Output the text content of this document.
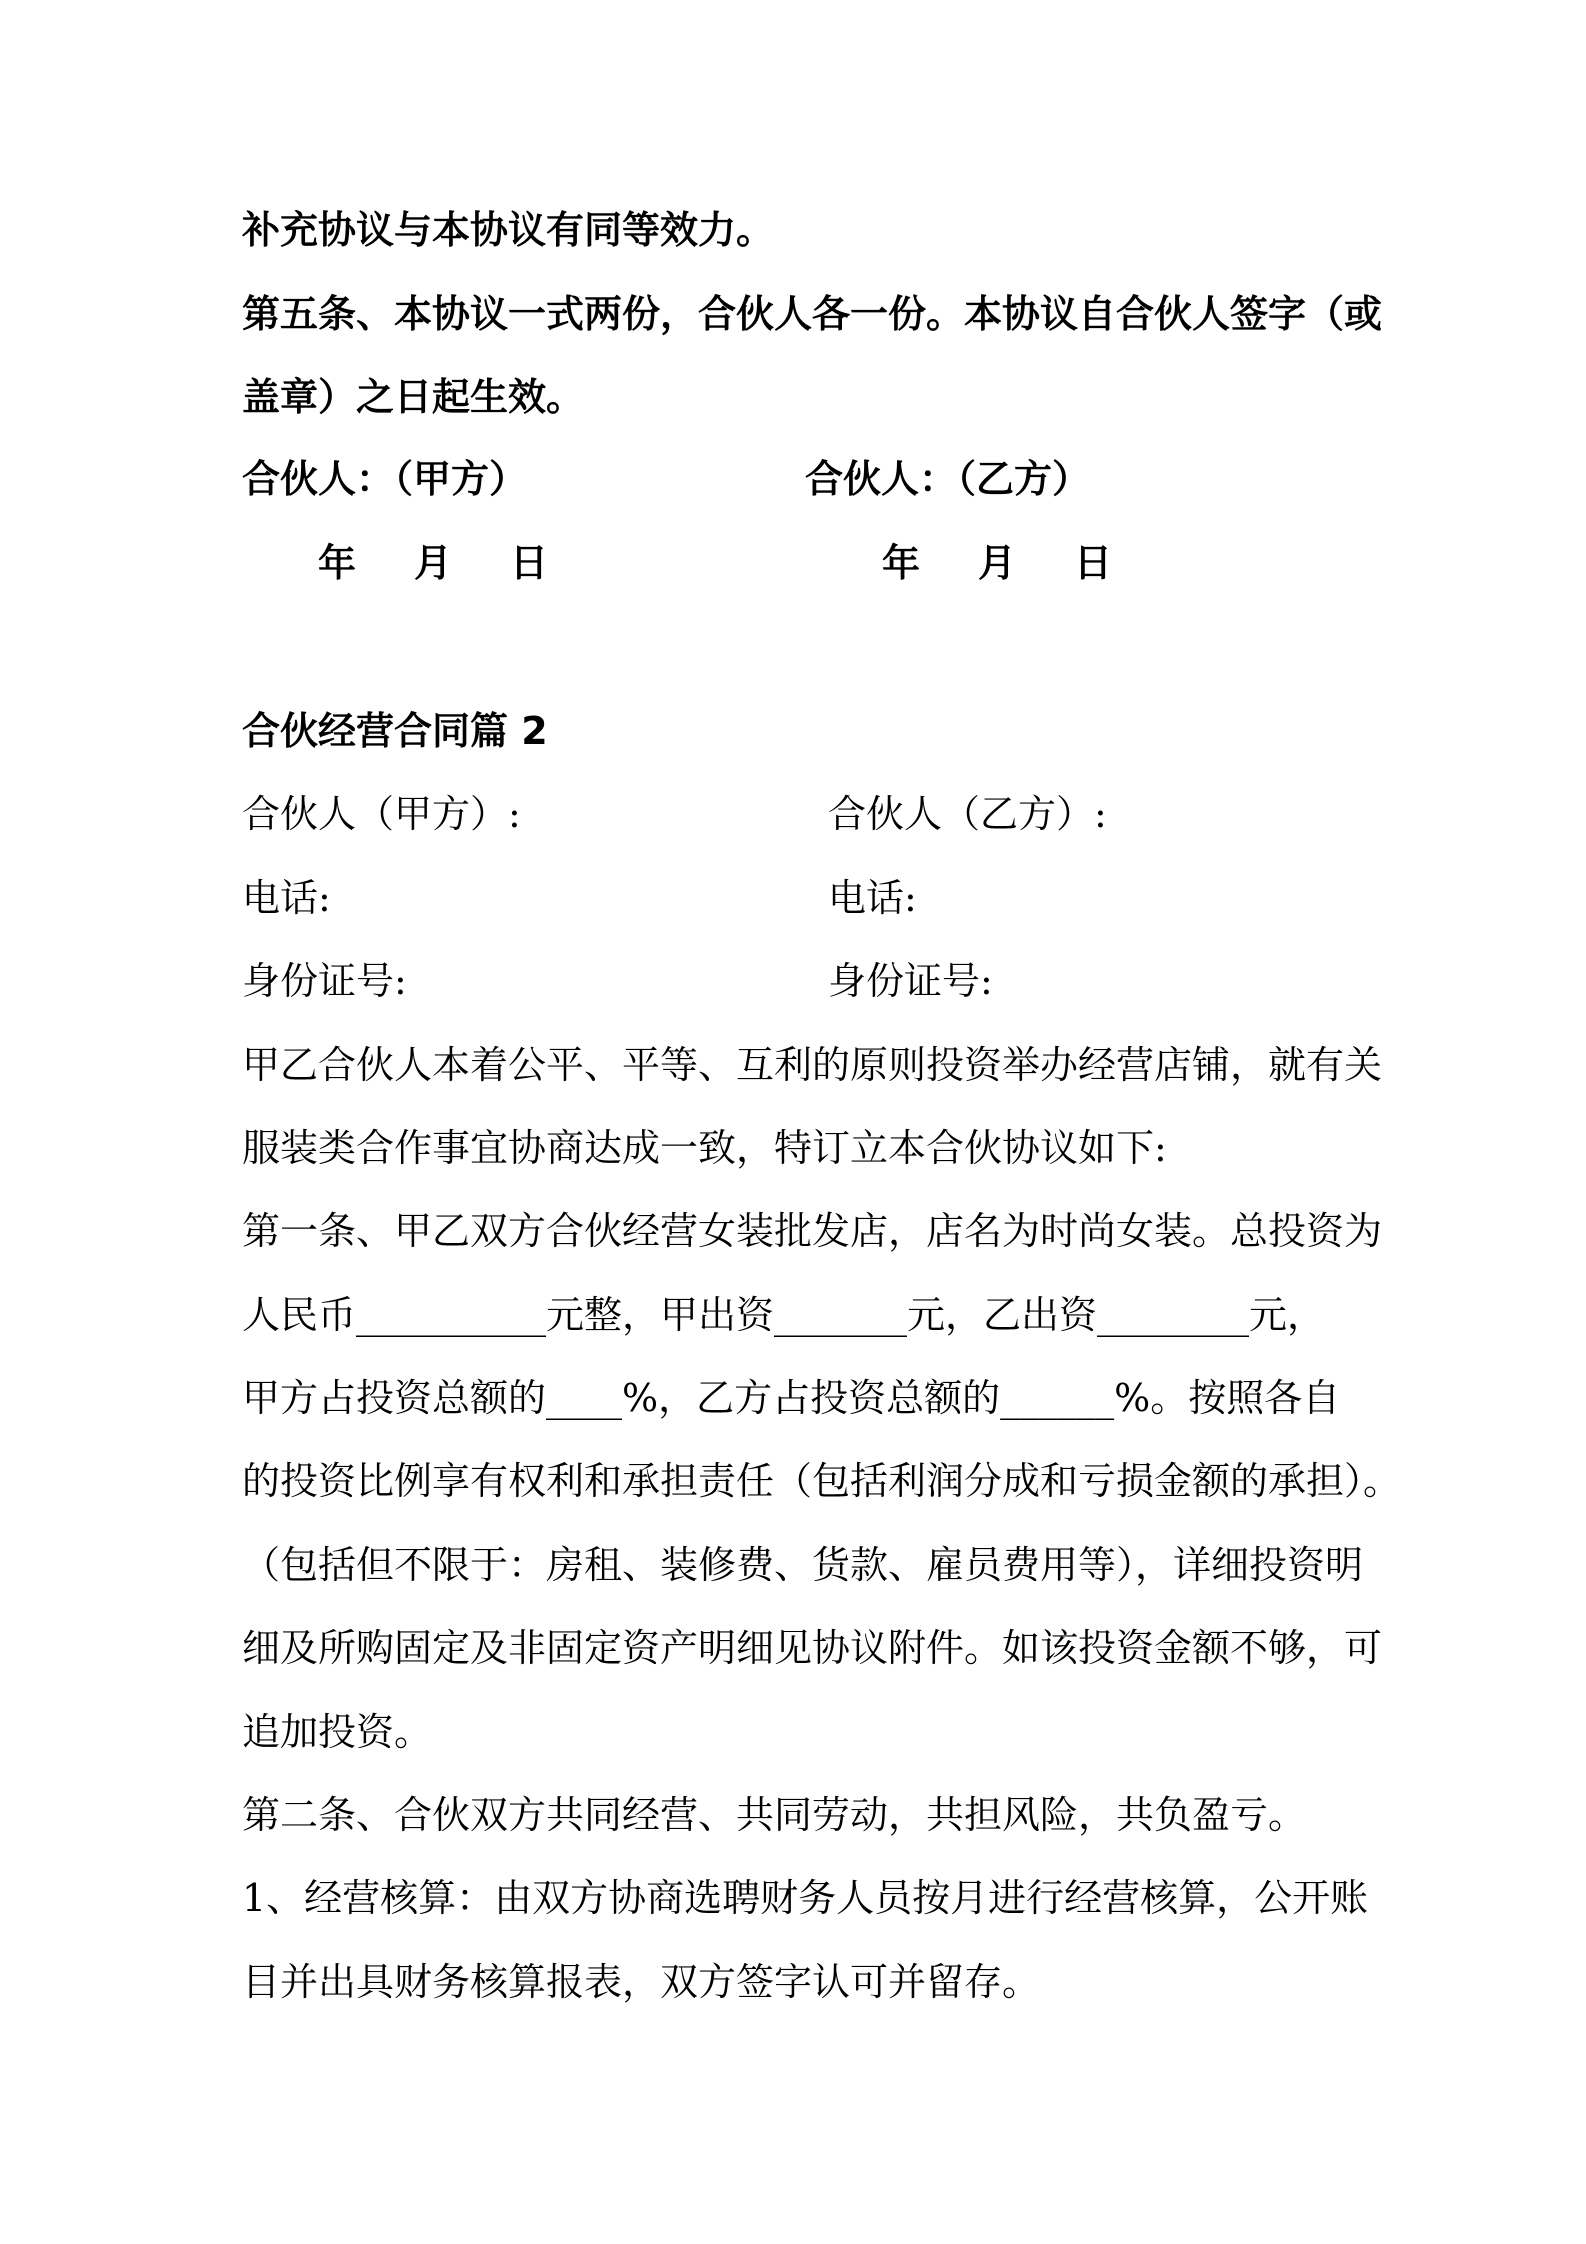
补充协议与本协议有同等效力。
第五条、本协议一式两份，合伙人各一份。本协议自合伙人签字（或
盖章）之日起生效。
合伙人：（甲方）	合伙人：（乙方）
年 月 日	年 月 日
合伙经营合同篇 2
合伙人（甲方）:	合伙人（乙方）:
电话:	电话:
身份证号:	身份证号:
甲乙合伙人本着公平、平等、互利的原则投资举办经营店铺，就有关
服装类合作事宜协商达成一致，特订立本合伙协议如下:
第一条、甲乙双方合伙经营女装批发店，店名为时尚女装。总投资为
人民币__________元整，甲出资_______元，乙出资________元，
甲方占投资总额的____%，乙方占投资总额的______%。按照各自
的投资比例享有权利和承担责任（包括利润分成和亏损金额的承担）。
（包括但不限于：房租、装修费、货款、雇员费用等），详细投资明
细及所购固定及非固定资产明细见协议附件。如该投资金额不够，可
追加投资。
第二条、合伙双方共同经营、共同劳动，共担风险，共负盈亏。
1、经营核算：由双方协商选聘财务人员按月进行经营核算，公开账
目并出具财务核算报表，双方签字认可并留存。
